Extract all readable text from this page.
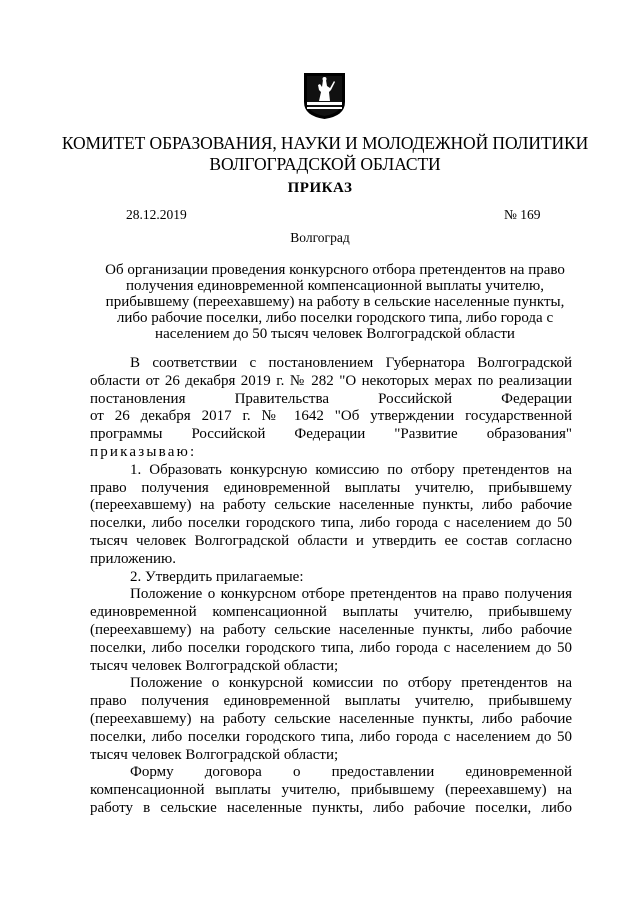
КОМИТЕТ ОБРАЗОВАНИЯ, НАУКИ И МОЛОДЕЖНОЙ ПОЛИТИКИ
ВОЛГОГРАДСКОЙ ОБЛАСТИ
ПРИКАЗ
28.12.2019	№ 169
Волгоград
Об организации проведения конкурсного отбора претендентов на право
получения единовременной компенсационной выплаты учителю,
прибывшему (переехавшему) на работу в сельские населенные пункты,
либо рабочие поселки, либо поселки городского типа, либо города с
населением до 50 тысяч человек Волгоградской области
В соответствии с постановлением Губернатора Волгоградской
области от 26 декабря 2019 г. № 282 "О некоторых мерах по реализации
постановления Правительства Российской Федерации
от 26 декабря 2017 г. № 1642 "Об утверждении государственной
программы Российской Федерации "Развитие образования"
приказываю:
1. Образовать конкурсную комиссию по отбору претендентов на
право получения единовременной выплаты учителю, прибывшему
(переехавшему) на работу сельские населенные пункты, либо рабочие
поселки, либо поселки городского типа, либо города с населением до 50
тысяч человек Волгоградской области и утвердить ее состав согласно
приложению.
2. Утвердить прилагаемые:
Положение о конкурсном отборе претендентов на право получения
единовременной компенсационной выплаты учителю, прибывшему
(переехавшему) на работу сельские населенные пункты, либо рабочие
поселки, либо поселки городского типа, либо города с населением до 50
тысяч человек Волгоградской области;
Положение о конкурсной комиссии по отбору претендентов на
право получения единовременной выплаты учителю, прибывшему
(переехавшему) на работу сельские населенные пункты, либо рабочие
поселки, либо поселки городского типа, либо города с населением до 50
тысяч человек Волгоградской области;
Форму договора о предоставлении единовременной
компенсационной выплаты учителю, прибывшему (переехавшему) на
работу в сельские населенные пункты, либо рабочие поселки, либо
